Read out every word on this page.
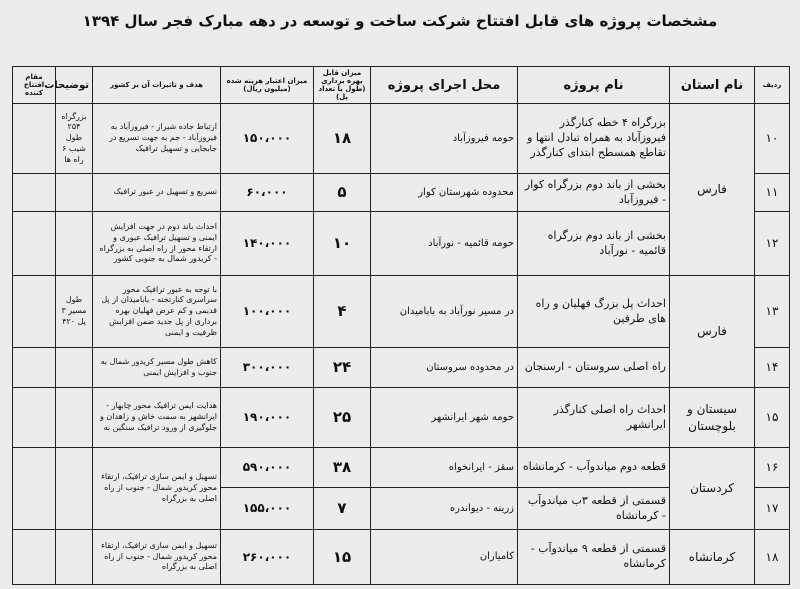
مشخصات پروژه های قابل افتتاح شرکت ساخت و توسعه در دهه مبارک فجر سال ۱۳۹۴
ردیف	نام استان	نام پروژه	محل اجرای پروژه	میزان قابل بهره برداری (طول یا تعداد پل)	میزان اعتبار هزینه شده (میلیون ریال)	هدف و تاثیرات آن بر کشور	توضیحات	مقام افتتاح کننده
۱۰	فارس	بزرگراه ۴ خطه کنارگذر فیروزآباد به همراه تبادل انتها و تقاطع همسطح ابتدای کنارگذر	حومه فیروزآباد	۱۸	۱۵۰،۰۰۰	ارتباط جاده شیراز - فیروزآباد به فیروزآباد - جم به جهت تسریع در جابجایی و تسهیل ترافیک	بزرگراه ۲۵۴ طول شیب ۶ راه ها	
۱۱		بخشی از باند دوم بزرگراه کوار - فیروزآباد	محدوده شهرستان کوار	۵	۶۰،۰۰۰	تسریع و تسهیل در عبور ترافیک		
۱۲		بخشی از باند دوم بزرگراه قائمیه - نورآباد	حومه قائمیه - نورآباد	۱۰	۱۴۰،۰۰۰	احداث باند دوم در جهت افزایش ایمنی و تسهیل ترافیک عبوری و ارتقاء محور از راه اصلی به بزرگراه - کریدور شمال به جنوبی کشور		
۱۳	فارس	احداث پل بزرگ فهلیان و راه های طرفین	در مسیر نورآباد به بابامیدان	۴	۱۰۰،۰۰۰	با توجه به عبور ترافیک محور سراسری کنارتخته - بابامیدان از پل قدیمی و کم عرض فهلیان بهره برداری از پل جدید ضمن افزایش ظرفیت و ایمنی	طول مسیر ۳ پل ۴۲۰	
۱۴		راه اصلی سروستان - ارسنجان	در محدوده سروستان	۲۴	۳۰۰،۰۰۰	کاهش طول مسیر کریدور شمال به جنوب و افزایش ایمنی		
۱۵	سیستان و بلوچستان	احداث راه اصلی کنارگذر ایرانشهر	حومه شهر ایرانشهر	۲۵	۱۹۰،۰۰۰	هدایت ایمن ترافیک محور چابهار - ایرانشهر به سمت خاش و زاهدان و جلوگیری از ورود ترافیک سنگین به		
۱۶	کردستان	قطعه دوم میاندوآب - کرمانشاه	سقز - ایرانخواه	۳۸	۵۹۰،۰۰۰	تسهیل و ایمن سازی ترافیک، ارتقاء محور کریدور شمال - جنوب از راه اصلی به بزرگراه		
۱۷		قسمتی از قطعه ۳ب میاندوآب - کرمانشاه	زرینه - دیواندره	۷	۱۵۵،۰۰۰			
۱۸	کرمانشاه	قسمتی از قطعه ۹ میاندوآب - کرمانشاه	کامیاران	۱۵	۲۶۰،۰۰۰	تسهیل و ایمن سازی ترافیک، ارتقاء محور کریدور شمال - جنوب از راه اصلی به بزرگراه		
